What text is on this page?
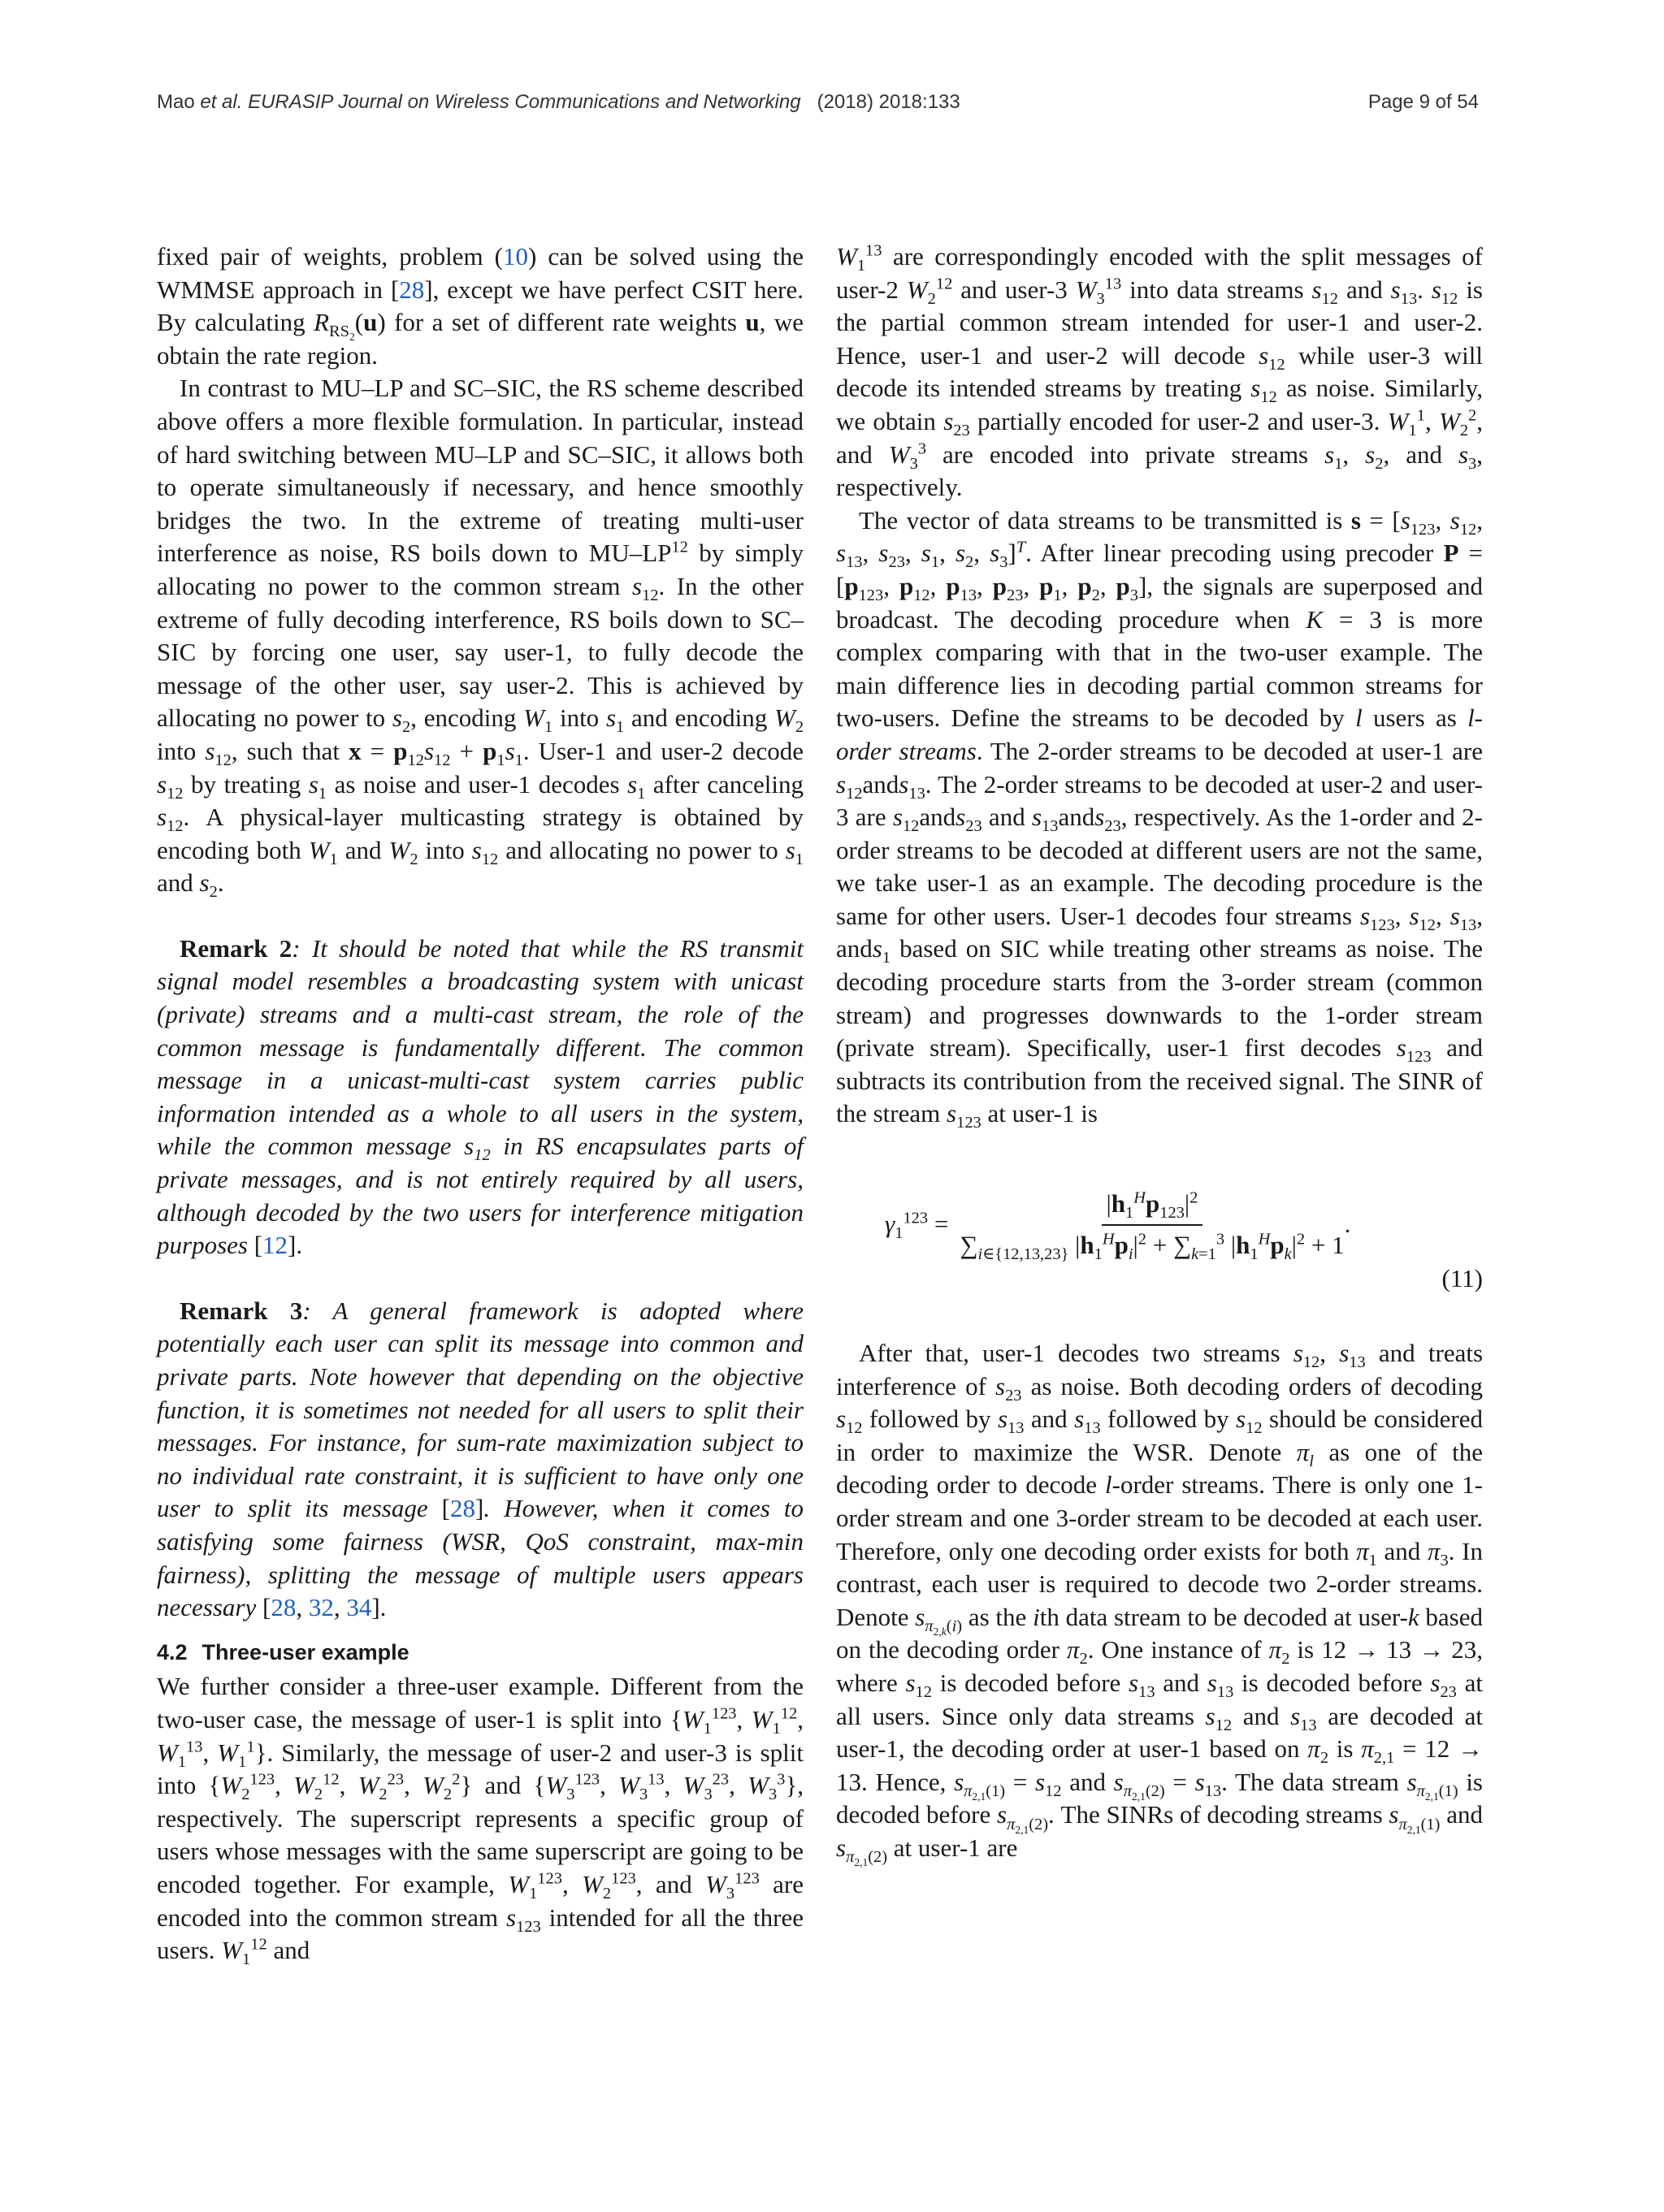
Mao et al. EURASIP Journal on Wireless Communications and Networking (2018) 2018:133	Page 9 of 54

fixed pair of weights, problem (10) can be solved using the WMMSE approach in [28], except we have perfect CSIT here. By calculating $R_{RS_2}(u)$ for a set of different rate weights u, we obtain the rate region.

In contrast to MU–LP and SC–SIC, the RS scheme described above offers a more flexible formulation. In particular, instead of hard switching between MU–LP and SC–SIC, it allows both to operate simultaneously if necessary, and hence smoothly bridges the two. In the extreme of treating multi-user interference as noise, RS boils down to MU–LP$^{12}$ by simply allocating no power to the common stream $s_{12}$. In the other extreme of fully decoding interference, RS boils down to SC–SIC by forcing one user, say user-1, to fully decode the message of the other user, say user-2. This is achieved by allocating no power to $s_2$, encoding $W_1$ into $s_1$ and encoding $W_2$ into $s_{12}$, such that $x = p_{12}s_{12} + p_1s_1$. User-1 and user-2 decode $s_{12}$ by treating $s_1$ as noise and user-1 decodes $s_1$ after canceling $s_{12}$. A physical-layer multicasting strategy is obtained by encoding both $W_1$ and $W_2$ into $s_{12}$ and allocating no power to $s_1$ and $s_2$.

Remark 2: It should be noted that while the RS transmit signal model resembles a broadcasting system with unicast (private) streams and a multi-cast stream, the role of the common message is fundamentally different. The common message in a unicast-multi-cast system carries public information intended as a whole to all users in the system, while the common message $s_{12}$ in RS encapsulates parts of private messages, and is not entirely required by all users, although decoded by the two users for interference mitigation purposes [12].

Remark 3: A general framework is adopted where potentially each user can split its message into common and private parts. Note however that depending on the objective function, it is sometimes not needed for all users to split their messages. For instance, for sum-rate maximization subject to no individual rate constraint, it is sufficient to have only one user to split its message [28]. However, when it comes to satisfying some fairness (WSR, QoS constraint, max-min fairness), splitting the message of multiple users appears necessary [28, 32, 34].

4.2 Three-user example

We further consider a three-user example. Different from the two-user case, the message of user-1 is split into {$W_1^{123}$, $W_1^{12}$, $W_1^{13}$, $W_1^1$}. Similarly, the message of user-2 and user-3 is split into {$W_2^{123}$, $W_2^{12}$, $W_2^{23}$, $W_2^2$} and {$W_3^{123}$, $W_3^{13}$, $W_3^{23}$, $W_3^3$}, respectively. The superscript represents a specific group of users whose messages with the same superscript are going to be encoded together. For example, $W_1^{123}$, $W_2^{123}$, and $W_3^{123}$ are encoded into the common stream $s_{123}$ intended for all the three users. $W_1^{12}$ and

$W_1^{13}$ are correspondingly encoded with the split messages of user-2 $W_2^{12}$ and user-3 $W_3^{13}$ into data streams $s_{12}$ and $s_{13}$. $s_{12}$ is the partial common stream intended for user-1 and user-2. Hence, user-1 and user-2 will decode $s_{12}$ while user-3 will decode its intended streams by treating $s_{12}$ as noise. Similarly, we obtain $s_{23}$ partially encoded for user-2 and user-3. $W_1^1$, $W_2^2$, and $W_3^3$ are encoded into private streams $s_1$, $s_2$, and $s_3$, respectively.

The vector of data streams to be transmitted is $s = [s_{123}$, $s_{12}$, $s_{13}$, $s_{23}$, $s_1$, $s_2$, $s_3]^T$. After linear precoding using precoder $P = [p_{123}$, $p_{12}$, $p_{13}$, $p_{23}$, $p_1$, $p_2$, $p_3$], the signals are superposed and broadcast. The decoding procedure when K = 3 is more complex comparing with that in the two-user example. The main difference lies in decoding partial common streams for two-users. Define the streams to be decoded by l users as l-order streams. The 2-order streams to be decoded at user-1 are $s_{12}ands_{13}$. The 2-order streams to be decoded at user-2 and user-3 are $s_{12}ands_{23}$ and $s_{13}ands_{23}$, respectively. As the 1-order and 2-order streams to be decoded at different users are not the same, we take user-1 as an example. The decoding procedure is the same for other users. User-1 decodes four streams $s_{123}$, $s_{12}$, $s_{13}$, ands$_1$ based on SIC while treating other streams as noise. The decoding procedure starts from the 3-order stream (common stream) and progresses downwards to the 1-order stream (private stream). Specifically, user-1 first decodes $s_{123}$ and subtracts its contribution from the received signal. The SINR of the stream $s_{123}$ at user-1 is

$\gamma_1^{123} = \frac{|h_1^Hp_{123}|^2}{\sum_{i\in\{12,13,23\}} |h_1^Hp_i|^2 + \sum_{k=1}^3 |h_1^Hp_k|^2 + 1}$ .
(11)

After that, user-1 decodes two streams $s_{12}$, $s_{13}$ and treats interference of $s_{23}$ as noise. Both decoding orders of decoding $s_{12}$ followed by $s_{13}$ and $s_{13}$ followed by $s_{12}$ should be considered in order to maximize the WSR. Denote $\pi_l$ as one of the decoding order to decode l-order streams. There is only one 1-order stream and one 3-order stream to be decoded at each user. Therefore, only one decoding order exists for both $\pi_1$ and $\pi_3$. In contrast, each user is required to decode two 2-order streams. Denote $s_{\pi_{2,k}(i)}$ as the ith data stream to be decoded at user-k based on the decoding order $\pi_2$. One instance of $\pi_2$ is 12 → 13 → 23, where $s_{12}$ is decoded before $s_{13}$ and $s_{13}$ is decoded before $s_{23}$ at all users. Since only data streams $s_{12}$ and $s_{13}$ are decoded at user-1, the decoding order at user-1 based on $\pi_2$ is $\pi_{2,1} = 12 \to 13$. Hence, $s_{\pi_{2,1}(1)} = s_{12}$ and $s_{\pi_{2,1}(2)} = s_{13}$. The data stream $s_{\pi_{2,1}(1)}$ is decoded before $s_{\pi_{2,1}(2)}$. The SINRs of decoding streams $s_{\pi_{2,1}(1)}$ and $s_{\pi_{2,1}(2)}$ at user-1 are
